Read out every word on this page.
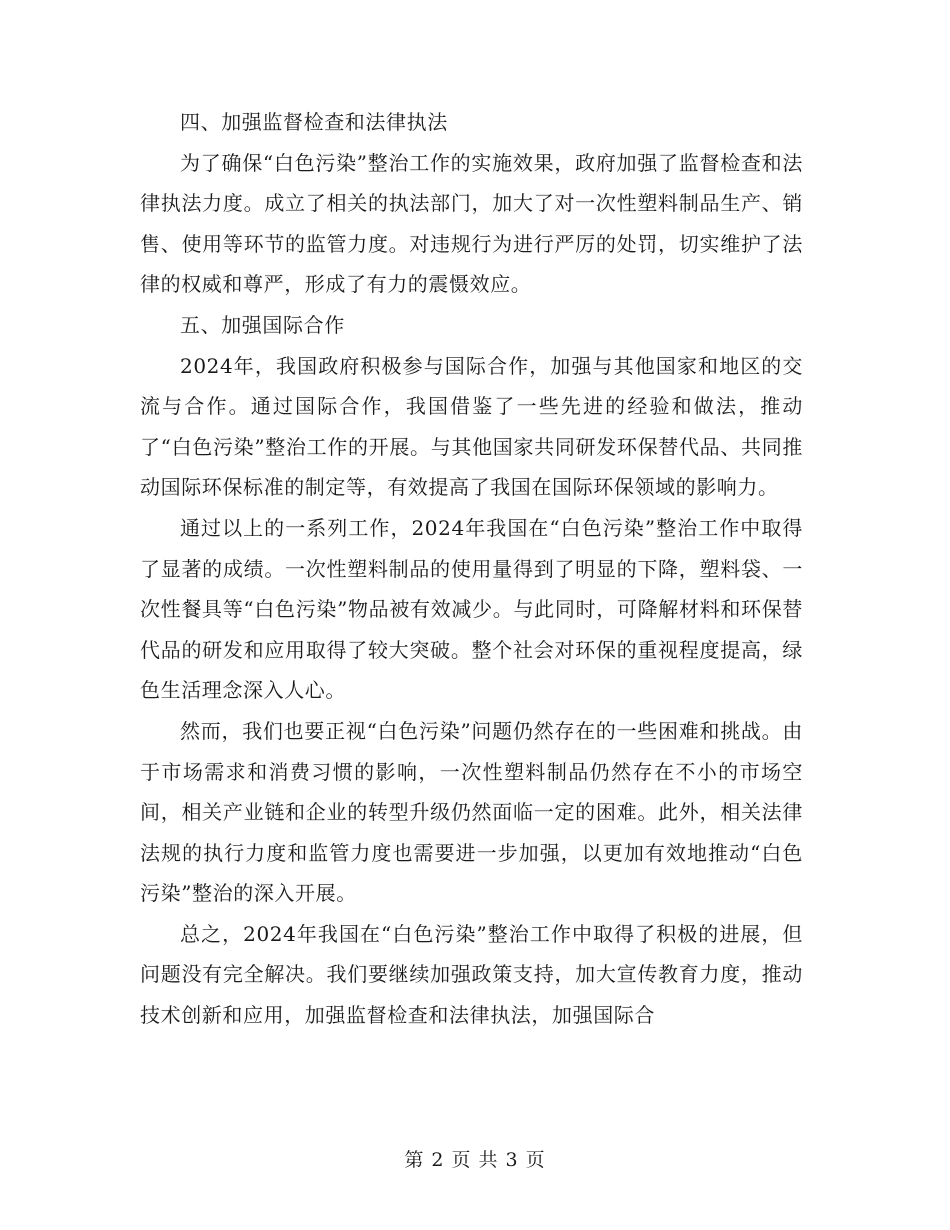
四、加强监督检查和法律执法

为了确保“白色污染”整治工作的实施效果，政府加强了监督检查和法律执法力度。成立了相关的执法部门，加大了对一次性塑料制品生产、销售、使用等环节的监管力度。对违规行为进行严厉的处罚，切实维护了法律的权威和尊严，形成了有力的震慑效应。

五、加强国际合作

2024年，我国政府积极参与国际合作，加强与其他国家和地区的交流与合作。通过国际合作，我国借鉴了一些先进的经验和做法，推动了“白色污染”整治工作的开展。与其他国家共同研发环保替代品、共同推动国际环保标准的制定等，有效提高了我国在国际环保领域的影响力。

通过以上的一系列工作，2024年我国在“白色污染”整治工作中取得了显著的成绩。一次性塑料制品的使用量得到了明显的下降，塑料袋、一次性餐具等“白色污染”物品被有效减少。与此同时，可降解材料和环保替代品的研发和应用取得了较大突破。整个社会对环保的重视程度提高，绿色生活理念深入人心。

然而，我们也要正视“白色污染”问题仍然存在的一些困难和挑战。由于市场需求和消费习惯的影响，一次性塑料制品仍然存在不小的市场空间，相关产业链和企业的转型升级仍然面临一定的困难。此外，相关法律法规的执行力度和监管力度也需要进一步加强，以更加有效地推动“白色污染”整治的深入开展。

总之，2024年我国在“白色污染”整治工作中取得了积极的进展，但问题没有完全解决。我们要继续加强政策支持，加大宣传教育力度，推动技术创新和应用，加强监督检查和法律执法，加强国际合

第 2 页 共 3 页
